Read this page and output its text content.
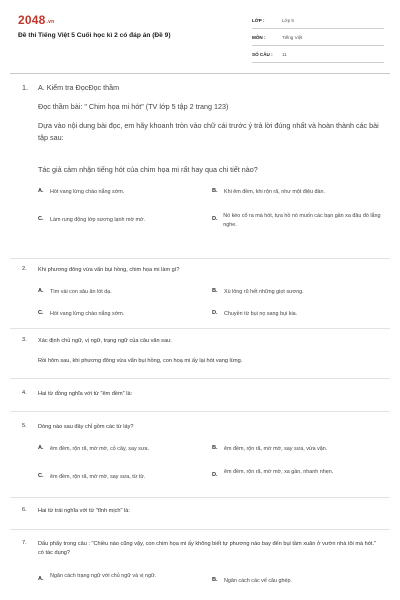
2048.vn
Đề thi Tiếng Việt 5 Cuối học kì 2 có đáp án (Đề 9)
LỚP :	Lớp 5
MÔN :	Tiếng Việt
SỐ CÂU :	11
1. A. Kiểm tra ĐọcĐọc thầm
Đọc thầm bài: " Chim họa mi hót" (TV lớp 5 tập 2 trang 123)
Dựa vào nội dung bài đọc, em hãy khoanh tròn vào chữ cái trước ý trả lời đúng nhất và hoàn thành các bài tập sau:
Tác giả cảm nhận tiếng hót của chim họa mi rất hay qua chi tiết nào?
A.	Hót vang lừng chào nắng sớm.	B.	Khi êm đềm, khi rộn rã, như một điệu đàn.
C.	Làm rung động lớp sương lạnh mờ mờ.	D.	Nó kéo cổ ra mà hót, tựa hồ nó muốn các bạn gần xa đâu đó lắng nghe.
2. Khi phương đông vừa vẩn bụi hồng, chim họa mi làm gì?
A.	Tìm vài con sâu ăn lót dạ.	B.	Xù lông rũ hết những giọt sương.
C.	Hót vang lừng chào nắng sớm.	D.	Chuyền từ bụi nọ sang bụi kia.
3. Xác định chủ ngữ, vị ngữ, trạng ngữ của câu văn sau:
Rồi hôm sau, khi phương đông vừa vẩn bụi hồng, con hoạ mi ấy lại hót vang lừng.
4. Hai từ đồng nghĩa với từ "êm đềm" là:
5. Dòng nào sau đây chỉ gồm các từ láy?
A.	êm đềm, rộn rã, mờ mờ, cỏ cây, say sưa.	B.	êm đềm, rộn rã, mờ mờ, say sưa, vừa vặn.
C.	êm đềm, rộn rã, mờ mờ, say sưa, từ từ.	D.	êm đềm, rộn rã, mờ mờ, xa gần, nhanh nhẹn.
6. Hai từ trái nghĩa với từ "tĩnh mịch" là:
7. Dấu phẩy trong câu : "Chiều nào cũng vậy, con chim họa mi ấy không biết tự phương nào bay đến bụi tầm xuân ở vườn nhà tôi mà hót." có tác dụng?
A.	Ngăn cách trạng ngữ với chủ ngữ và vị ngữ.
B.	Ngăn cách các vế câu ghép.
